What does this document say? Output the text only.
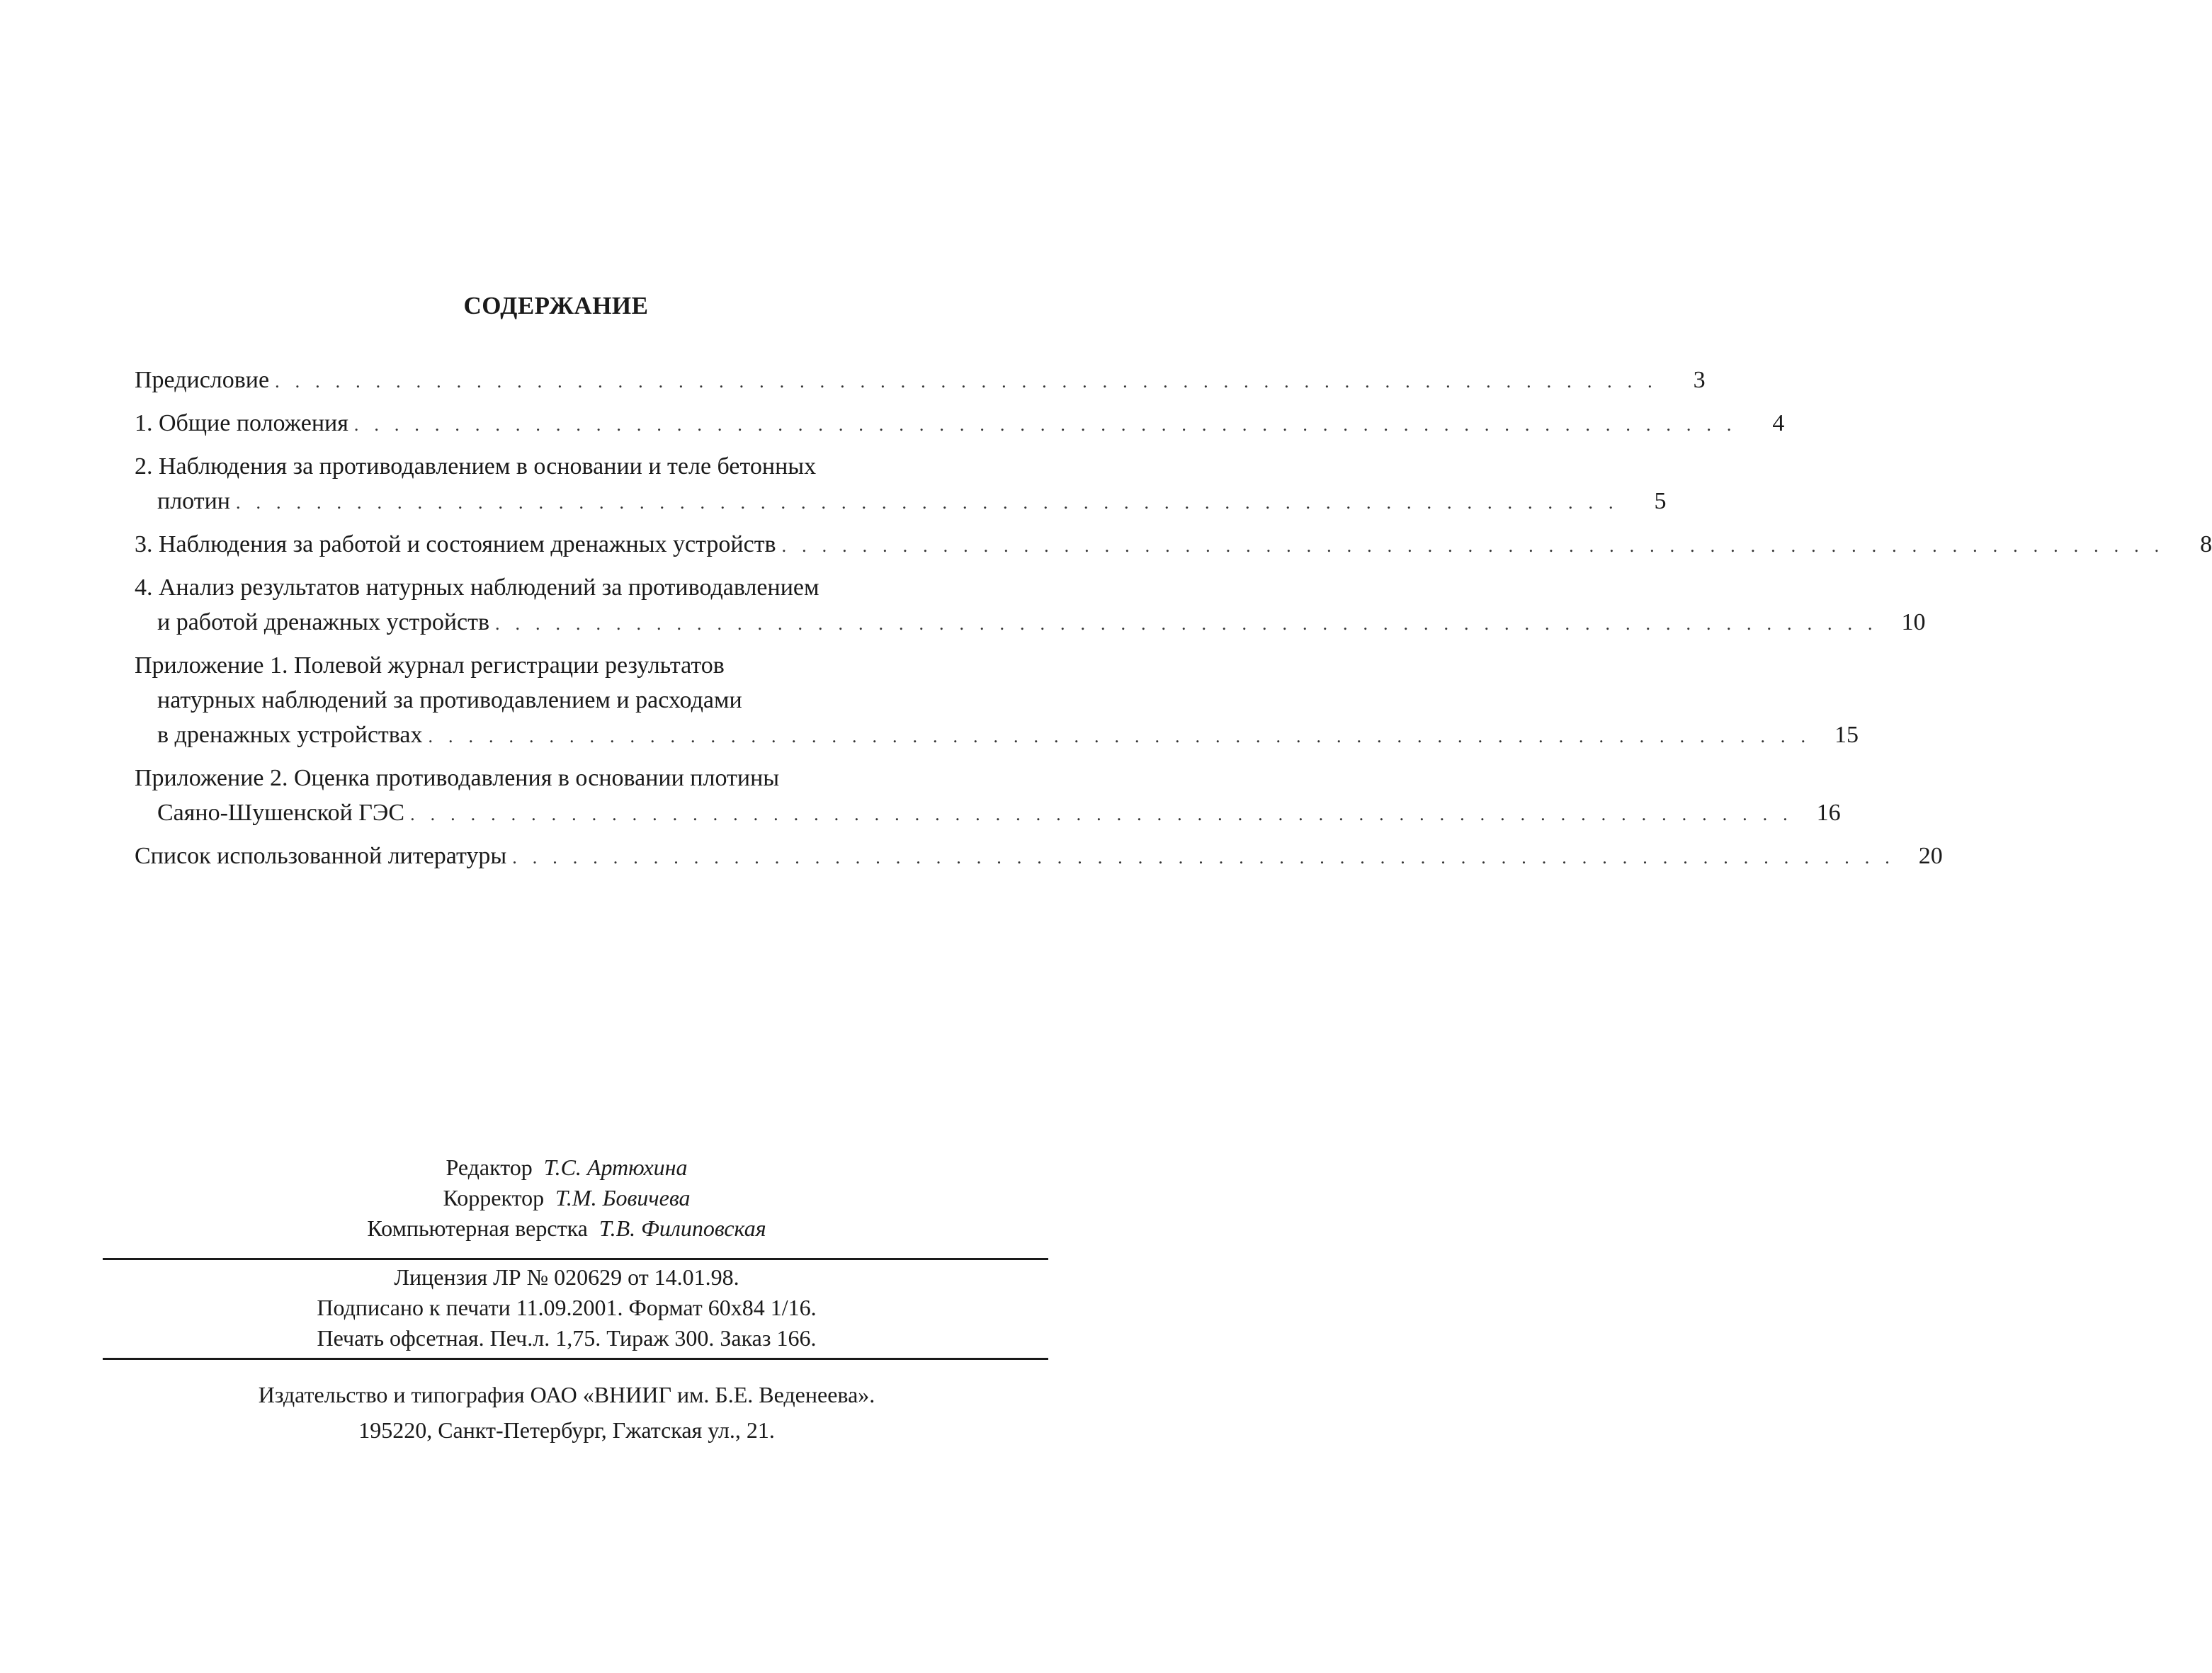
СОДЕРЖАНИЕ
Предисловие .....................................................................	3
1. Общие положения .....................................................................	4
2. Наблюдения за противодавлением в основании и теле бетонных
плотин .....................................................................	5
3. Наблюдения за работой и состоянием дренажных устройств .....................................................................	8
4. Анализ результатов натурных наблюдений за противодавлением
и работой дренажных устройств ..................................................................... 10
Приложение 1. Полевой журнал регистрации результатов
натурных наблюдений за противодавлением и расходами
в дренажных устройствах ..................................................................... 15
Приложение 2. Оценка противодавления в основании плотины
Саяно-Шушенской ГЭС ..................................................................... 16
Список использованной литературы ..................................................................... 20
Редактор Т.С. Артюхина
Корректор Т.М. Бовичева
Компьютерная верстка Т.В. Филиповская
Лицензия ЛР № 020629 от 14.01.98.
Подписано к печати 11.09.2001. Формат 60х84 1/16.
Печать офсетная. Печ.л. 1,75. Тираж 300. Заказ 166.
Издательство и типография ОАО «ВНИИГ им. Б.Е. Веденеева».
195220, Санкт-Петербург, Гжатская ул., 21.
